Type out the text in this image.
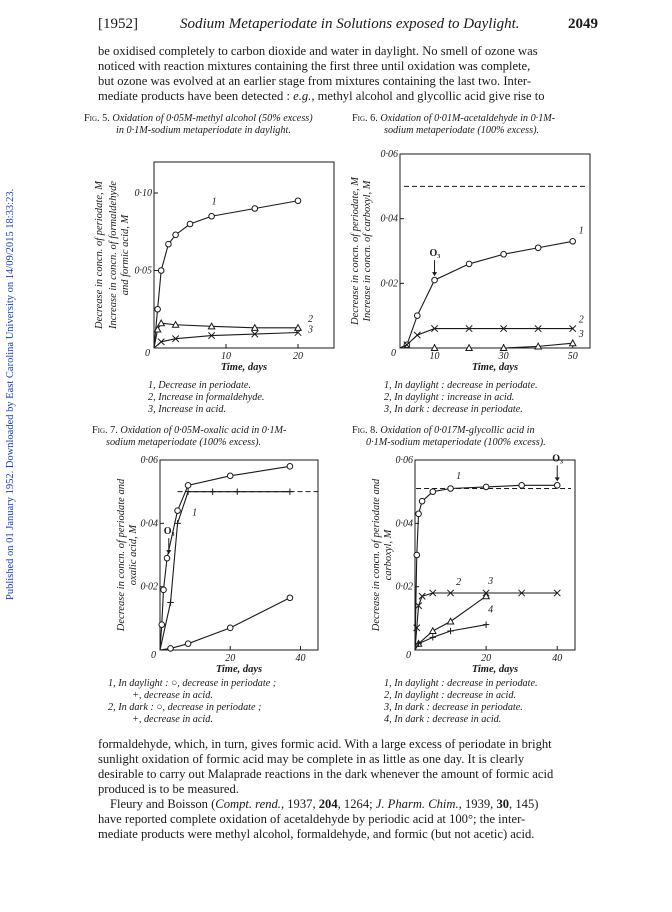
Published on 01 January 1952. Downloaded by East Carolina University on 14/09/2015 18:33:23.
[1952]	Sodium Metaperiodate in Solutions exposed to Daylight.	2049
be oxidised completely to carbon dioxide and water in daylight. No smell of ozone was
noticed with reaction mixtures containing the first three until oxidation was complete,
but ozone was evolved at an earlier stage from mixtures containing the last two. Inter-
mediate products have been detected : e.g., methyl alcohol and glycollic acid give rise to
Fig. 5. Oxidation of 0·05M-methyl alcohol (50% excess)
in 0·1M-sodium metaperiodate in daylight.
Fig. 6. Oxidation of 0·01M-acetaldehyde in 0·1M-
sodium metaperiodate (100% excess).
Decrease in concn. of periodate, M Increase in concn. of formaldehyde and formic acid, M
10	20
0·05
0·10
0
Time, days
1
2
3
Decrease in concn. of periodate, M Increase in concn. of carboxyl, M
10	30	50
0·02
0·04
0·06
0
Time, days
1
2
3
O₃
1, Decrease in periodate.
2, Increase in formaldehyde.
3, Increase in acid.
1, In daylight : decrease in periodate.
2, In daylight : increase in acid.
3, In dark : decrease in periodate.
Fig. 7. Oxidation of 0·05M-oxalic acid in 0·1M-
sodium metaperiodate (100% excess).
Fig. 8. Oxidation of 0·017M-glycollic acid in
0·1M-sodium metaperiodate (100% excess).
Decrease in concn. of periodate and oxalic acid, M
20	40
0·02
0·04
0·06
0
Time, days
1
O₃	Decrease in concn. of periodate and carboxyl, M
20	40
0·02
0·04
0·06
0
Time, days
1
2	3
4
O₃
1, In daylight : ○, decrease in periodate ;
+, decrease in acid.
2, In dark : ○, decrease in periodate ;
+, decrease in acid.
1, In daylight : decrease in periodate.
2, In daylight : decrease in acid.
3, In dark : decrease in periodate.
4, In dark : decrease in acid.
formaldehyde, which, in turn, gives formic acid. With a large excess of periodate in bright
sunlight oxidation of formic acid may be complete in as little as one day. It is clearly
desirable to carry out Malaprade reactions in the dark whenever the amount of formic acid
produced is to be measured.
Fleury and Boisson (Compt. rend., 1937, 204, 1264; J. Pharm. Chim., 1939, 30, 145)
have reported complete oxidation of acetaldehyde by periodic acid at 100°; the inter-
mediate products were methyl alcohol, formaldehyde, and formic (but not acetic) acid.
